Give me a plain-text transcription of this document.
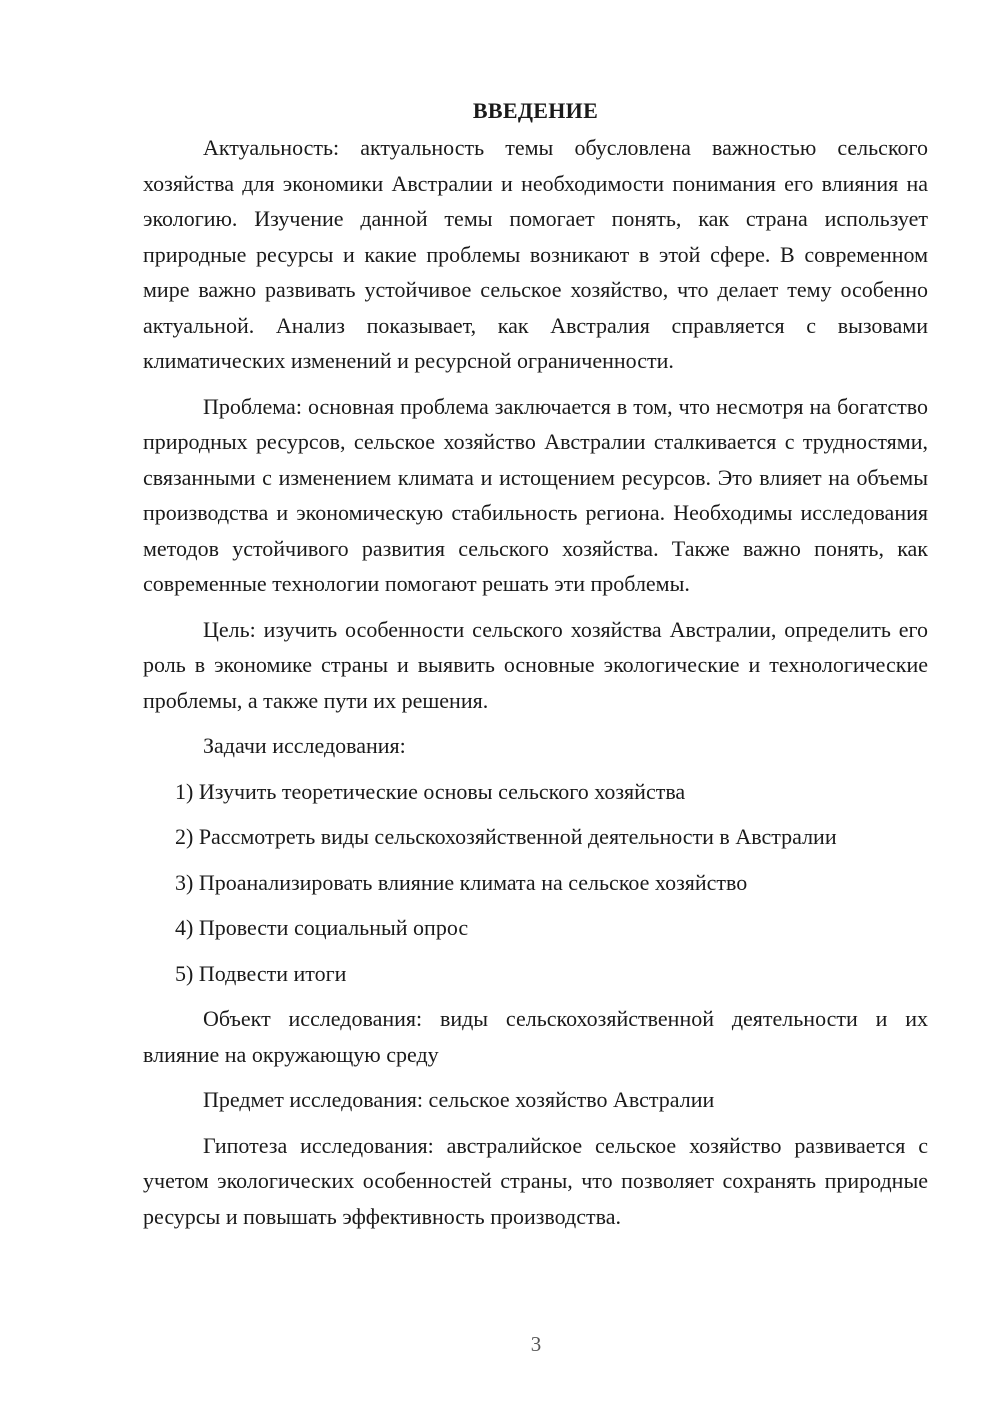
ВВЕДЕНИЕ

Актуальность: актуальность темы обусловлена важностью сельского хозяйства для экономики Австралии и необходимости понимания его влияния на экологию. Изучение данной темы помогает понять, как страна использует природные ресурсы и какие проблемы возникают в этой сфере. В современном мире важно развивать устойчивое сельское хозяйство, что делает тему особенно актуальной. Анализ показывает, как Австралия справляется с вызовами климатических изменений и ресурсной ограниченности.

Проблема: основная проблема заключается в том, что несмотря на богатство природных ресурсов, сельское хозяйство Австралии сталкивается с трудностями, связанными с изменением климата и истощением ресурсов. Это влияет на объемы производства и экономическую стабильность региона. Необходимы исследования методов устойчивого развития сельского хозяйства. Также важно понять, как современные технологии помогают решать эти проблемы.

Цель: изучить особенности сельского хозяйства Австралии, определить его роль в экономике страны и выявить основные экологические и технологические проблемы, а также пути их решения.

Задачи исследования:

1) Изучить теоретические основы сельского хозяйства
2) Рассмотреть виды сельскохозяйственной деятельности в Австралии
3) Проанализировать влияние климата на сельское хозяйство
4) Провести социальный опрос
5) Подвести итоги

Объект исследования: виды сельскохозяйственной деятельности и их влияние на окружающую среду

Предмет исследования: сельское хозяйство Австралии

Гипотеза исследования: австралийское сельское хозяйство развивается с учетом экологических особенностей страны, что позволяет сохранять природные ресурсы и повышать эффективность производства.

3
